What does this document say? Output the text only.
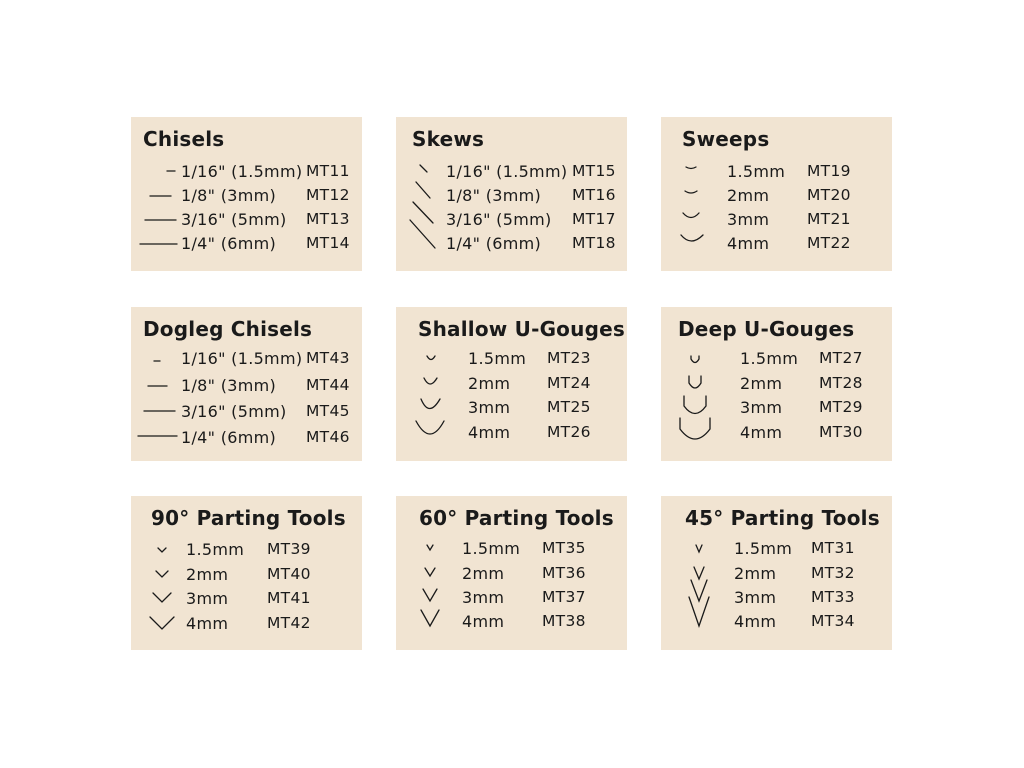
Chisels
1/16" (1.5mm) MT11
1/8" (3mm) MT12
3/16" (5mm) MT13
1/4" (6mm) MT14
Skews
1/16" (1.5mm) MT15
1/8" (3mm) MT16
3/16" (5mm) MT17
1/4" (6mm) MT18
Sweeps
1.5mm MT19
2mm MT20
3mm MT21
4mm MT22
Dogleg Chisels
1/16" (1.5mm) MT43
1/8" (3mm) MT44
3/16" (5mm) MT45
1/4" (6mm) MT46
Shallow U-Gouges
1.5mm MT23
2mm MT24
3mm MT25
4mm MT26
Deep U-Gouges
1.5mm MT27
2mm MT28
3mm MT29
4mm MT30
90° Parting Tools
1.5mm MT39
2mm MT40
3mm MT41
4mm MT42
60° Parting Tools
1.5mm MT35
2mm MT36
3mm MT37
4mm MT38
45° Parting Tools
1.5mm MT31
2mm MT32
3mm MT33
4mm MT34
